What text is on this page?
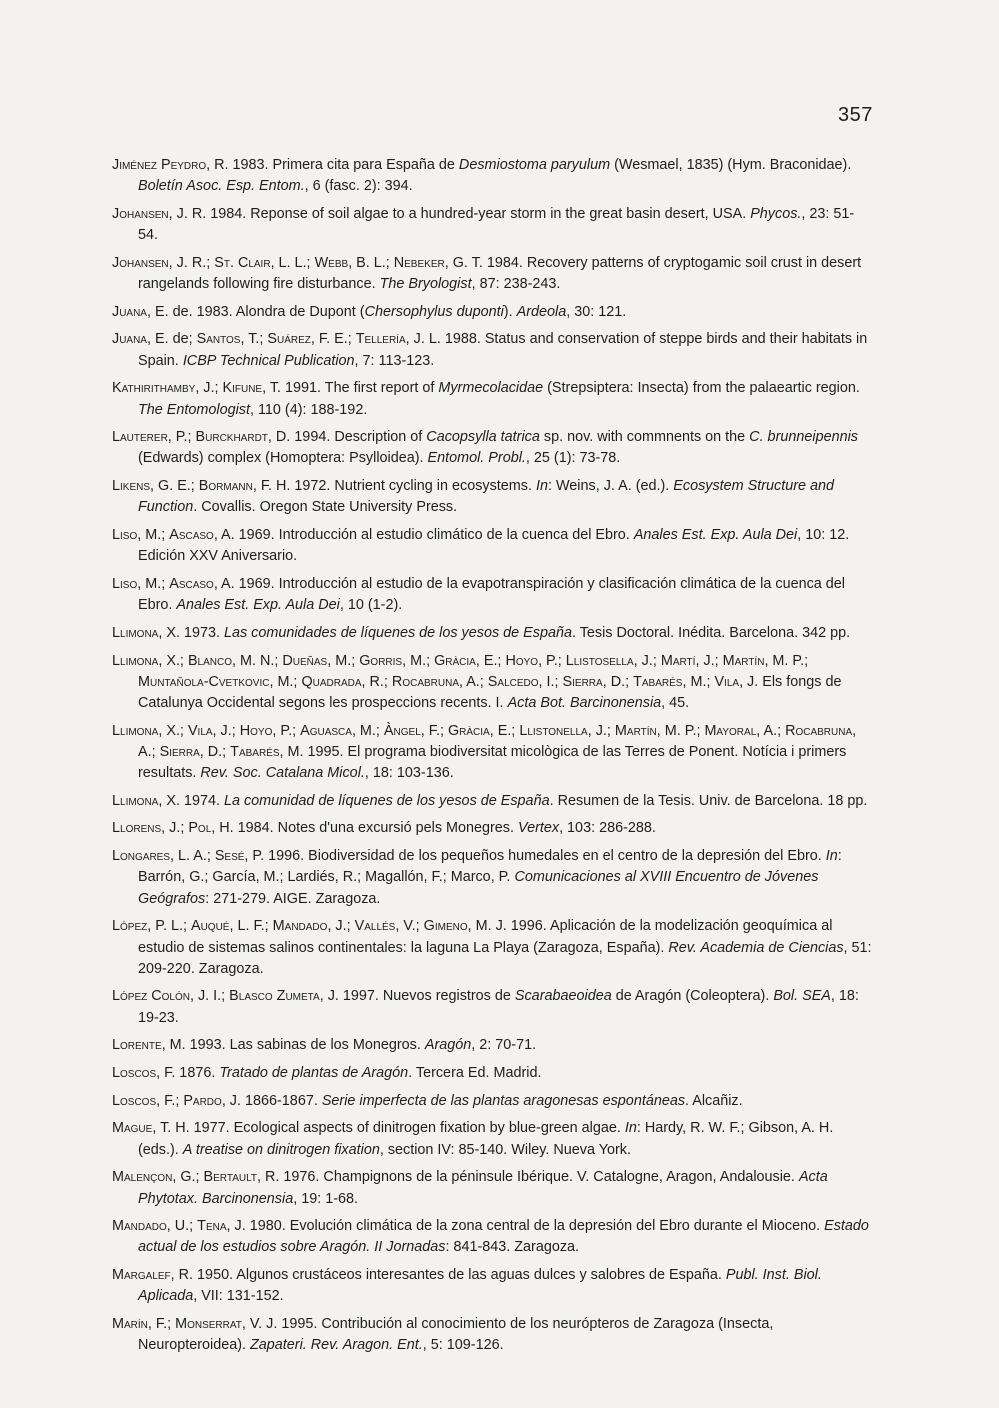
357

Jiménez Peydro, R. 1983. Primera cita para España de Desmiostoma paryulum (Wesmael, 1835) (Hym. Braconidae). Boletín Asoc. Esp. Entom., 6 (fasc. 2): 394.

Johansen, J. R. 1984. Reponse of soil algae to a hundred-year storm in the great basin desert, USA. Phycos., 23: 51-54.

Johansen, J. R.; St. Clair, L. L.; Webb, B. L.; Nebeker, G. T. 1984. Recovery patterns of cryptogamic soil crust in desert rangelands following fire disturbance. The Bryologist, 87: 238-243.

Juana, E. de. 1983. Alondra de Dupont (Chersophylus duponti). Ardeola, 30: 121.

Juana, E. de; Santos, T.; Suárez, F. E.; Tellería, J. L. 1988. Status and conservation of steppe birds and their habitats in Spain. ICBP Technical Publication, 7: 113-123.

Kathirithamby, J.; Kifune, T. 1991. The first report of Myrmecolacidae (Strepsiptera: Insecta) from the palaeartic region. The Entomologist, 110 (4): 188-192.

Lauterer, P.; Burckhardt, D. 1994. Description of Cacopsylla tatrica sp. nov. with commnents on the C. brunneipennis (Edwards) complex (Homoptera: Psylloidea). Entomol. Probl., 25 (1): 73-78.

Likens, G. E.; Bormann, F. H. 1972. Nutrient cycling in ecosystems. In: Weins, J. A. (ed.). Ecosystem Structure and Function. Covallis. Oregon State University Press.

Liso, M.; Ascaso, A. 1969. Introducción al estudio climático de la cuenca del Ebro. Anales Est. Exp. Aula Dei, 10: 12. Edición XXV Aniversario.

Liso, M.; Ascaso, A. 1969. Introducción al estudio de la evapotranspiración y clasificación climática de la cuenca del Ebro. Anales Est. Exp. Aula Dei, 10 (1-2).

Llimona, X. 1973. Las comunidades de líquenes de los yesos de España. Tesis Doctoral. Inédita. Barcelona. 342 pp.

Llimona, X.; Blanco, M. N.; Dueñas, M.; Gorris, M.; Gràcia, E.; Hoyo, P.; Llistosella, J.; Martí, J.; Martín, M. P.; Muntañola-Cvetkovic, M.; Quadrada, R.; Rocabruna, A.; Salcedo, I.; Sierra, D.; Tabarés, M.; Vila, J. Els fongs de Catalunya Occidental segons les prospeccions recents. I. Acta Bot. Barcinonensia, 45.

Llimona, X.; Vila, J.; Hoyo, P.; Aguasca, M.; Àngel, F.; Gràcia, E.; Llistonella, J.; Martín, M. P.; Mayoral, A.; Rocabruna, A.; Sierra, D.; Tabarés, M. 1995. El programa biodiversitat micològica de las Terres de Ponent. Notícia i primers resultats. Rev. Soc. Catalana Micol., 18: 103-136.

Llimona, X. 1974. La comunidad de líquenes de los yesos de España. Resumen de la Tesis. Univ. de Barcelona. 18 pp.

Llorens, J.; Pol, H. 1984. Notes d'una excursió pels Monegres. Vertex, 103: 286-288.

Longares, L. A.; Sesé, P. 1996. Biodiversidad de los pequeños humedales en el centro de la depresión del Ebro. In: Barrón, G.; García, M.; Lardiés, R.; Magallón, F.; Marco, P. Comunicaciones al XVIII Encuentro de Jóvenes Geógrafos: 271-279. AIGE. Zaragoza.

López, P. L.; Auqué, L. F.; Mandado, J.; Vallés, V.; Gimeno, M. J. 1996. Aplicación de la modelización geoquímica al estudio de sistemas salinos continentales: la laguna La Playa (Zaragoza, España). Rev. Academia de Ciencias, 51: 209-220. Zaragoza.

López Colón, J. I.; Blasco Zumeta, J. 1997. Nuevos registros de Scarabaeoidea de Aragón (Coleoptera). Bol. SEA, 18: 19-23.

Lorente, M. 1993. Las sabinas de los Monegros. Aragón, 2: 70-71.

Loscos, F. 1876. Tratado de plantas de Aragón. Tercera Ed. Madrid.

Loscos, F.; Pardo, J. 1866-1867. Serie imperfecta de las plantas aragonesas espontáneas. Alcañiz.

Mague, T. H. 1977. Ecological aspects of dinitrogen fixation by blue-green algae. In: Hardy, R. W. F.; Gibson, A. H. (eds.). A treatise on dinitrogen fixation, section IV: 85-140. Wiley. Nueva York.

Malençon, G.; Bertault, R. 1976. Champignons de la péninsule Ibérique. V. Catalogne, Aragon, Andalousie. Acta Phytotax. Barcinonensia, 19: 1-68.

Mandado, U.; Tena, J. 1980. Evolución climática de la zona central de la depresión del Ebro durante el Mioceno. Estado actual de los estudios sobre Aragón. II Jornadas: 841-843. Zaragoza.

Margalef, R. 1950. Algunos crustáceos interesantes de las aguas dulces y salobres de España. Publ. Inst. Biol. Aplicada, VII: 131-152.

Marín, F.; Monserrat, V. J. 1995. Contribución al conocimiento de los neurópteros de Zaragoza (Insecta, Neuropteroidea). Zapateri. Rev. Aragon. Ent., 5: 109-126.
